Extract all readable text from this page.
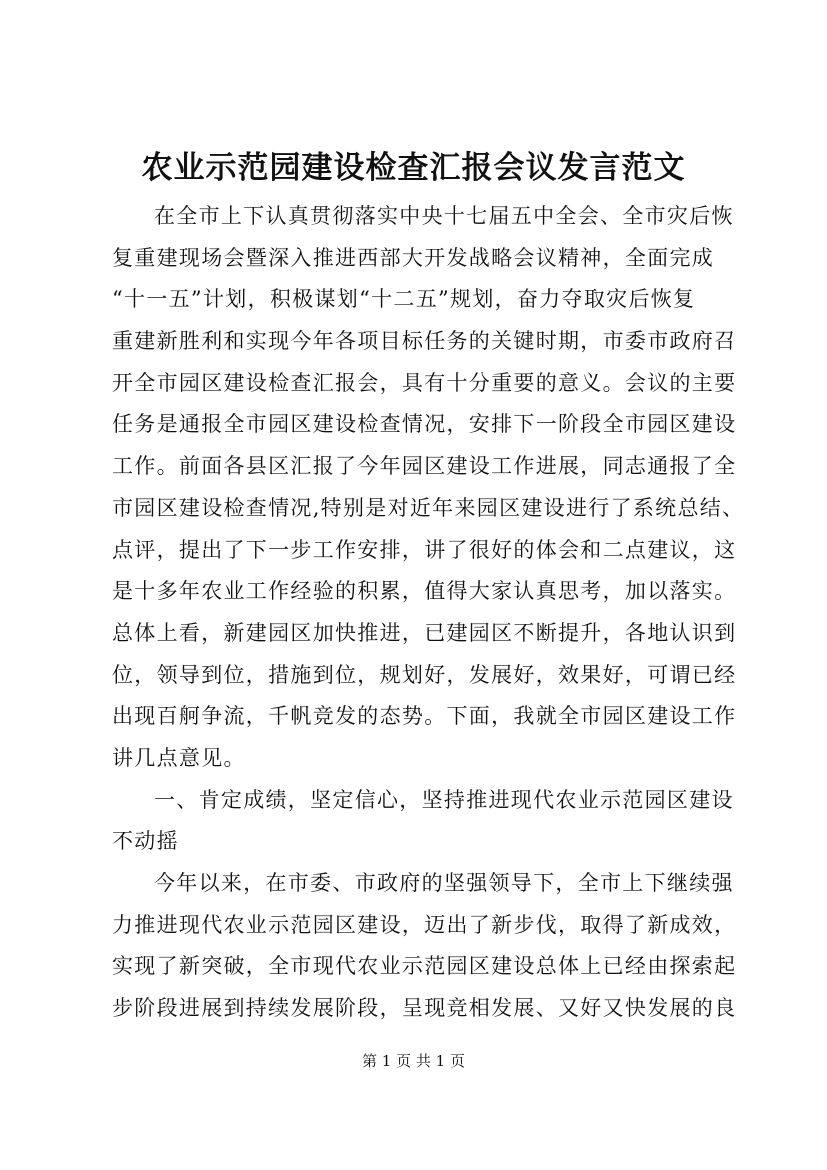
农业示范园建设检查汇报会议发言范文
在全市上下认真贯彻落实中央十七届五中全会、全市灾后恢
复重建现场会暨深入推进西部大开发战略会议精神，全面完成
“十一五”计划，积极谋划“十二五”规划，奋力夺取灾后恢复
重建新胜利和实现今年各项目标任务的关键时期，市委市政府召
开全市园区建设检查汇报会，具有十分重要的意义。会议的主要
任务是通报全市园区建设检查情况，安排下一阶段全市园区建设
工作。前面各县区汇报了今年园区建设工作进展，同志通报了全
市园区建设检查情况,特别是对近年来园区建设进行了系统总结、
点评，提出了下一步工作安排，讲了很好的体会和二点建议，这
是十多年农业工作经验的积累，值得大家认真思考，加以落实。
总体上看，新建园区加快推进，已建园区不断提升，各地认识到
位，领导到位，措施到位，规划好，发展好，效果好，可谓已经
出现百舸争流，千帆竞发的态势。下面，我就全市园区建设工作
讲几点意见。
一、肯定成绩，坚定信心，坚持推进现代农业示范园区建设
不动摇
今年以来，在市委、市政府的坚强领导下，全市上下继续强
力推进现代农业示范园区建设，迈出了新步伐，取得了新成效，
实现了新突破，全市现代农业示范园区建设总体上已经由探索起
步阶段进展到持续发展阶段，呈现竞相发展、又好又快发展的良
第 1 页 共 1 页
